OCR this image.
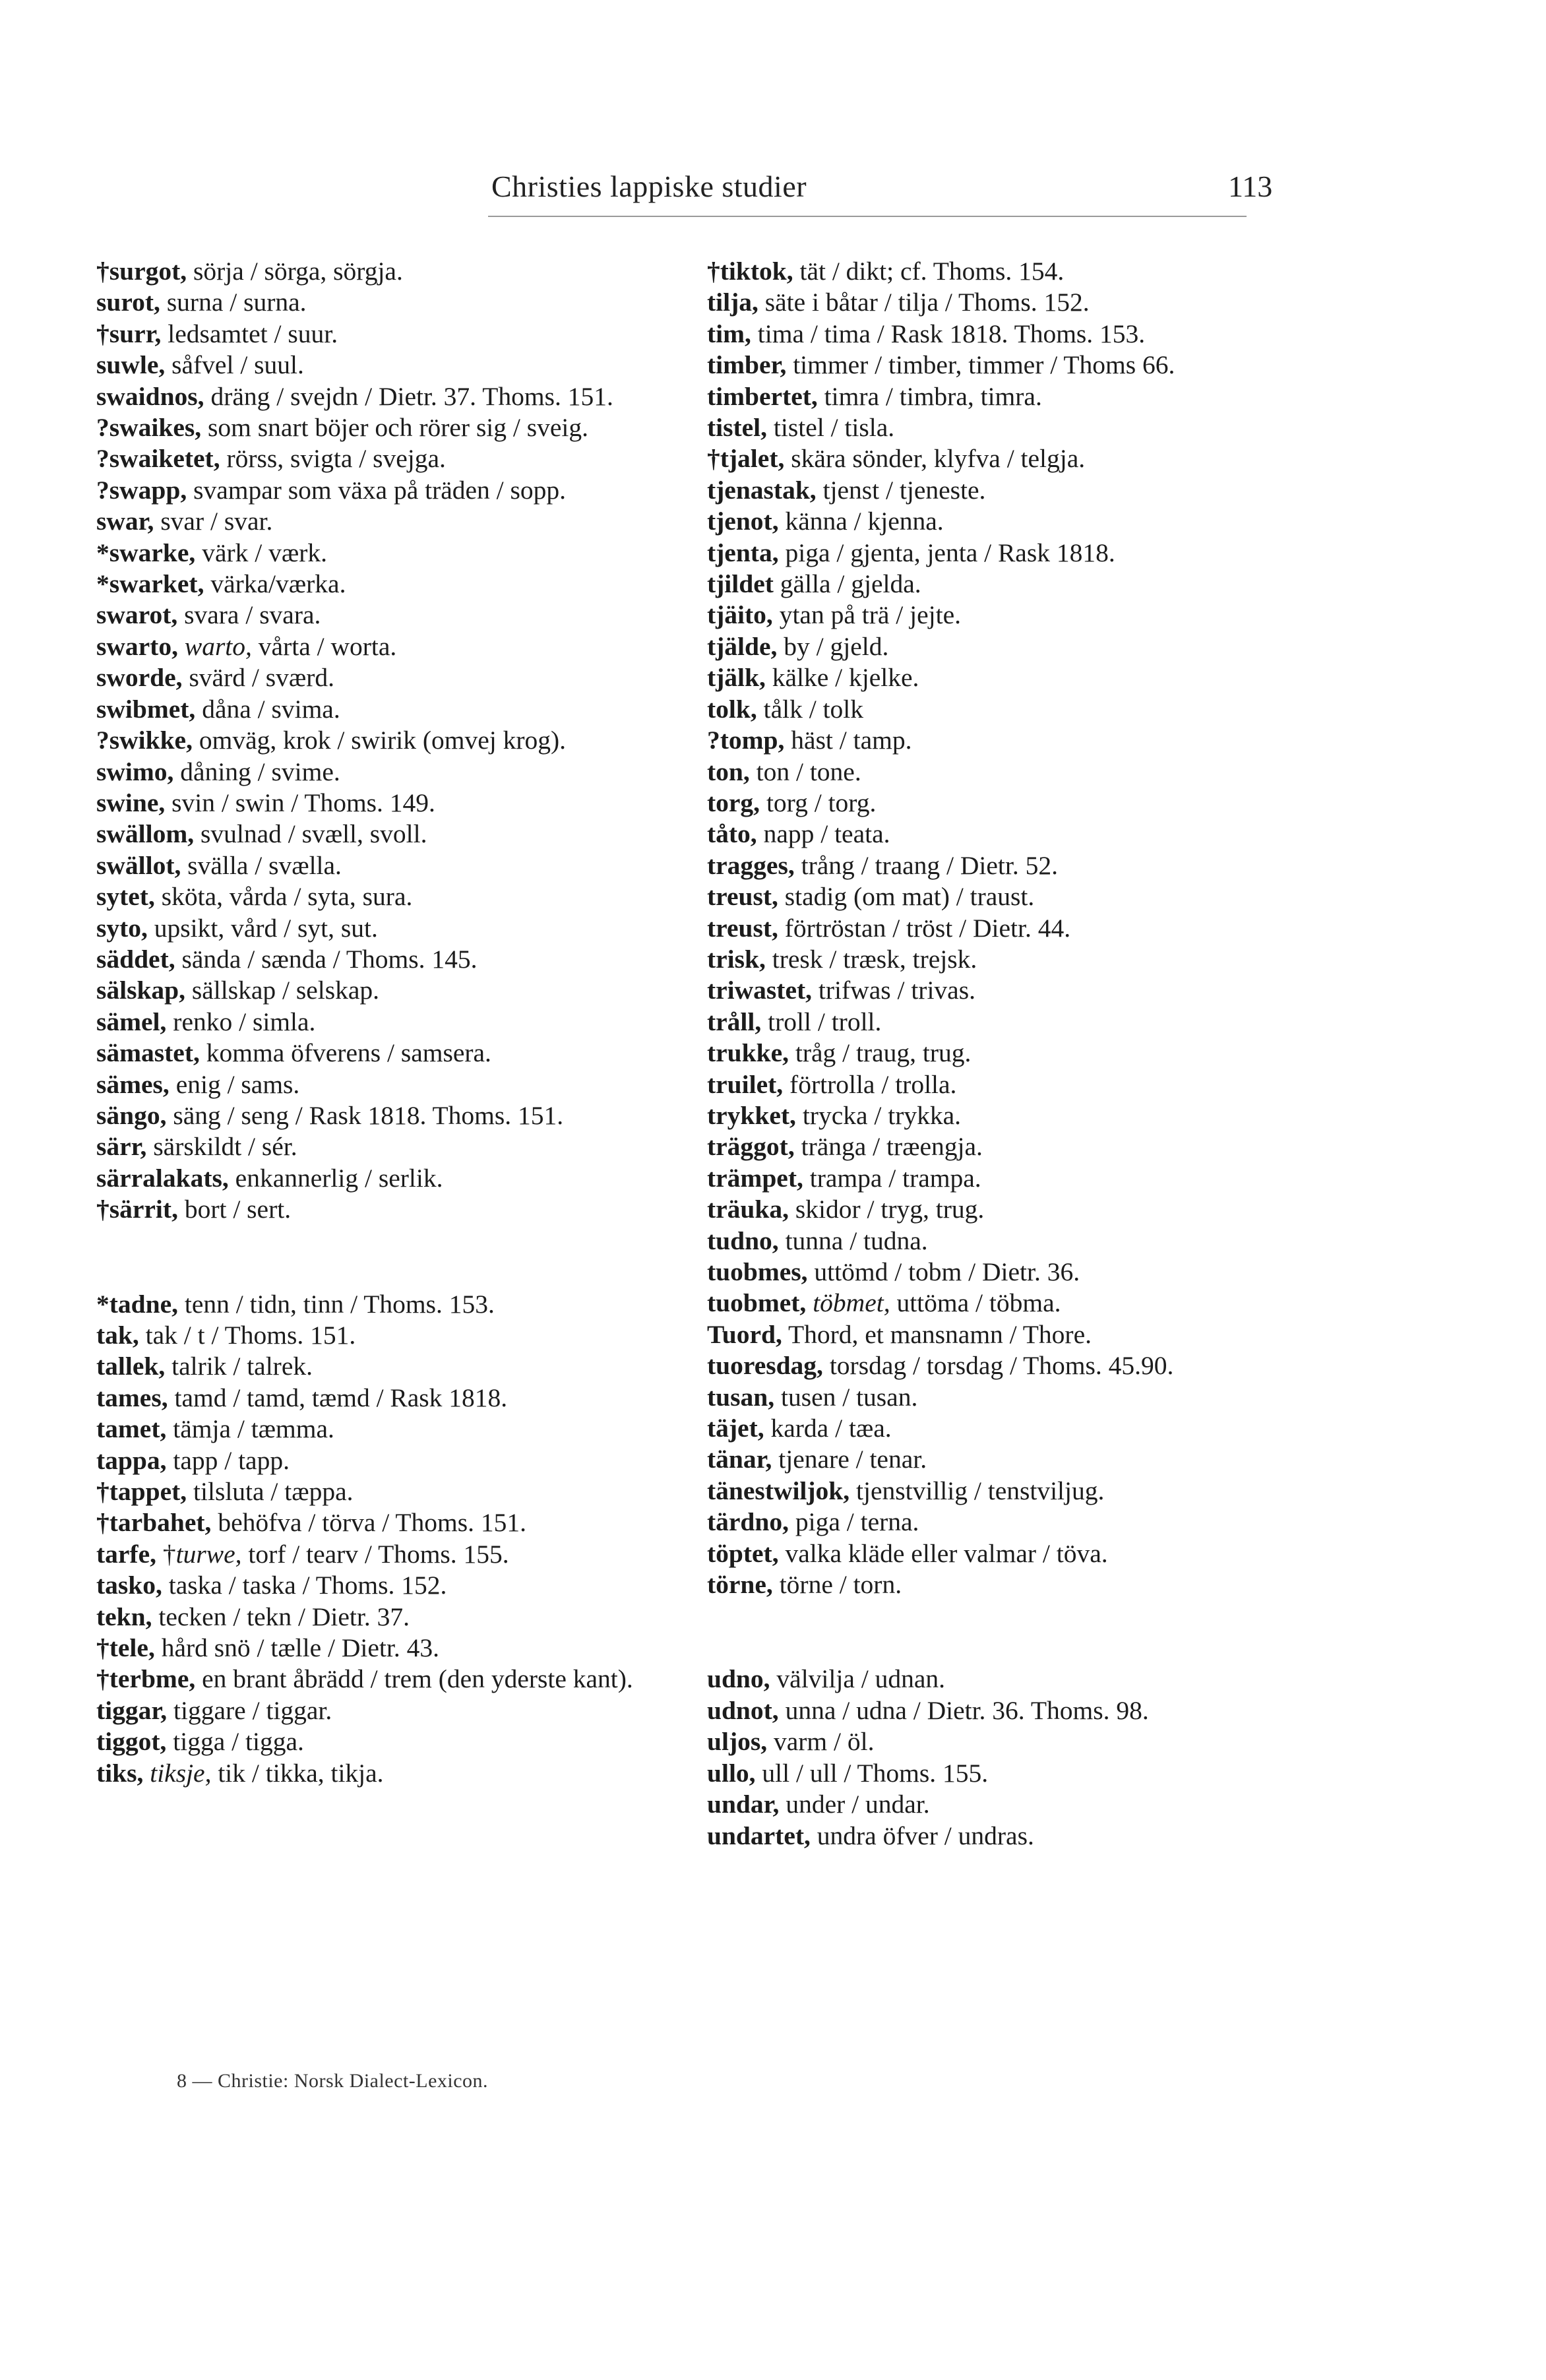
Christies lappiske studier	113

†surgot, sörja / sörga, sörgja.

surot, surna / surna.

†surr, ledsamtet / suur.

suwle, såfvel / suul.

swaidnos, dräng / svejdn / Dietr. 37. Thoms. 151.

?swaikes, som snart böjer och rörer sig / sveig.

?swaiketet, rörss, svigta / svejga.

?swapp, svampar som växa på träden / sopp.

swar, svar / svar.

*swarke, värk / værk.

*swarket, värka/værka.

swarot, svara / svara.

swarto, warto, vårta / worta.

sworde, svärd / sværd.

swibmet, dåna / svima.

?swikke, omväg, krok / swirik (omvej krog).

swimo, dåning / svime.

swine, svin / swin / Thoms. 149.

swällom, svulnad / svæll, svoll.

swällot, svälla / svælla.

sytet, sköta, vårda / syta, sura.

syto, upsikt, vård / syt, sut.

säddet, sända / sænda / Thoms. 145.

sälskap, sällskap / selskap.

sämel, renko / simla.

sämastet, komma öfverens / samsera.

sämes, enig / sams.

sängo, säng / seng / Rask 1818. Thoms. 151.

särr, särskildt / sér.

särralakats, enkannerlig / serlik.

†särrit, bort / sert.

*tadne, tenn / tidn, tinn / Thoms. 153.

tak, tak / t / Thoms. 151.

tallek, talrik / talrek.

tames, tamd / tamd, tæmd / Rask 1818.

tamet, tämja / tæmma.

tappa, tapp / tapp.

†tappet, tilsluta / tæppa.

†tarbahet, behöfva / törva / Thoms. 151.

tarfe, †turwe, torf / tearv / Thoms. 155.

tasko, taska / taska / Thoms. 152.

tekn, tecken / tekn / Dietr. 37.

†tele, hård snö / tælle / Dietr. 43.

†terbme, en brant åbrädd / trem (den yderste kant).

tiggar, tiggare / tiggar.

tiggot, tigga / tigga.

tiks, tiksje, tik / tikka, tikja.

†tiktok, tät / dikt; cf. Thoms. 154.

tilja, säte i båtar / tilja / Thoms. 152.

tim, tima / tima / Rask 1818. Thoms. 153.

timber, timmer / timber, timmer / Thoms 66.

timbertet, timra / timbra, timra.

tistel, tistel / tisla.

†tjalet, skära sönder, klyfva / telgja.

tjenastak, tjenst / tjeneste.

tjenot, känna / kjenna.

tjenta, piga / gjenta, jenta / Rask 1818.

tjildet gälla / gjelda.

tjäito, ytan på trä / jejte.

tjälde, by / gjeld.

tjälk, kälke / kjelke.

tolk, tålk / tolk

?tomp, häst / tamp.

ton, ton / tone.

torg, torg / torg.

tåto, napp / teata.

tragges, trång / traang / Dietr. 52.

treust, stadig (om mat) / traust.

treust, förtröstan / tröst / Dietr. 44.

trisk, tresk / træsk, trejsk.

triwastet, trifwas / trivas.

tråll, troll / troll.

trukke, tråg / traug, trug.

truilet, förtrolla / trolla.

trykket, trycka / trykka.

träggot, tränga / træengja.

trämpet, trampa / trampa.

träuka, skidor / tryg, trug.

tudno, tunna / tudna.

tuobmes, uttömd / tobm / Dietr. 36.

tuobmet, töbmet, uttöma / töbma.

Tuord, Thord, et mansnamn / Thore.

tuoresdag, torsdag / torsdag / Thoms. 45.90.

tusan, tusen / tusan.

täjet, karda / tæa.

tänar, tjenare / tenar.

tänestwiljok, tjenstvillig / tenstviljug.

tärdno, piga / terna.

töptet, valka kläde eller valmar / töva.

törne, törne / torn.

udno, välvilja / udnan.

udnot, unna / udna / Dietr. 36. Thoms. 98.

uljos, varm / öl.

ullo, ull / ull / Thoms. 155.

undar, under / undar.

undartet, undra öfver / undras.

8 — Christie: Norsk Dialect-Lexicon.
